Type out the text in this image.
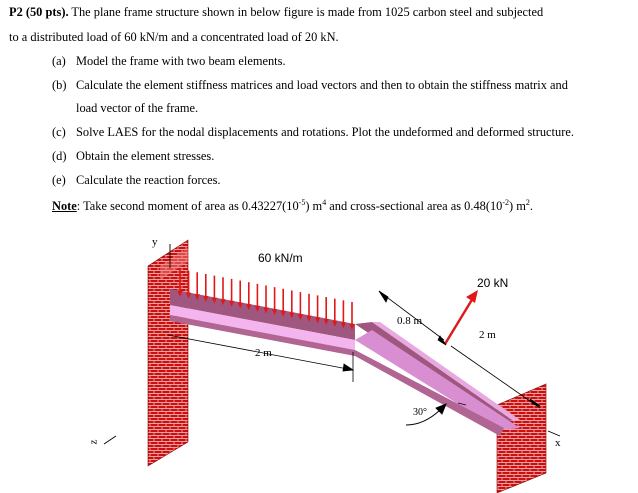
P2 (50 pts). The plane frame structure shown in below figure is made from 1025 carbon steel and subjected
to a distributed load of 60 kN/m and a concentrated load of 20 kN.
(a) Model the frame with two beam elements.
(b) Calculate the element stiffness matrices and load vectors and then to obtain the stiffness matrix and
load vector of the frame.
(c) Solve LAES for the nodal displacements and rotations. Plot the undeformed and deformed structure.
(d) Obtain the element stresses.
(e) Calculate the reaction forces.
Note: Take second moment of area as $0.43227(10^{-5})$ $m^4$ and cross-sectional area as $0.48(10^{-2})$ $m^2$.
60 kN/m
20 kN
2 m
0.8 m
2 m
30°
y
z	x
